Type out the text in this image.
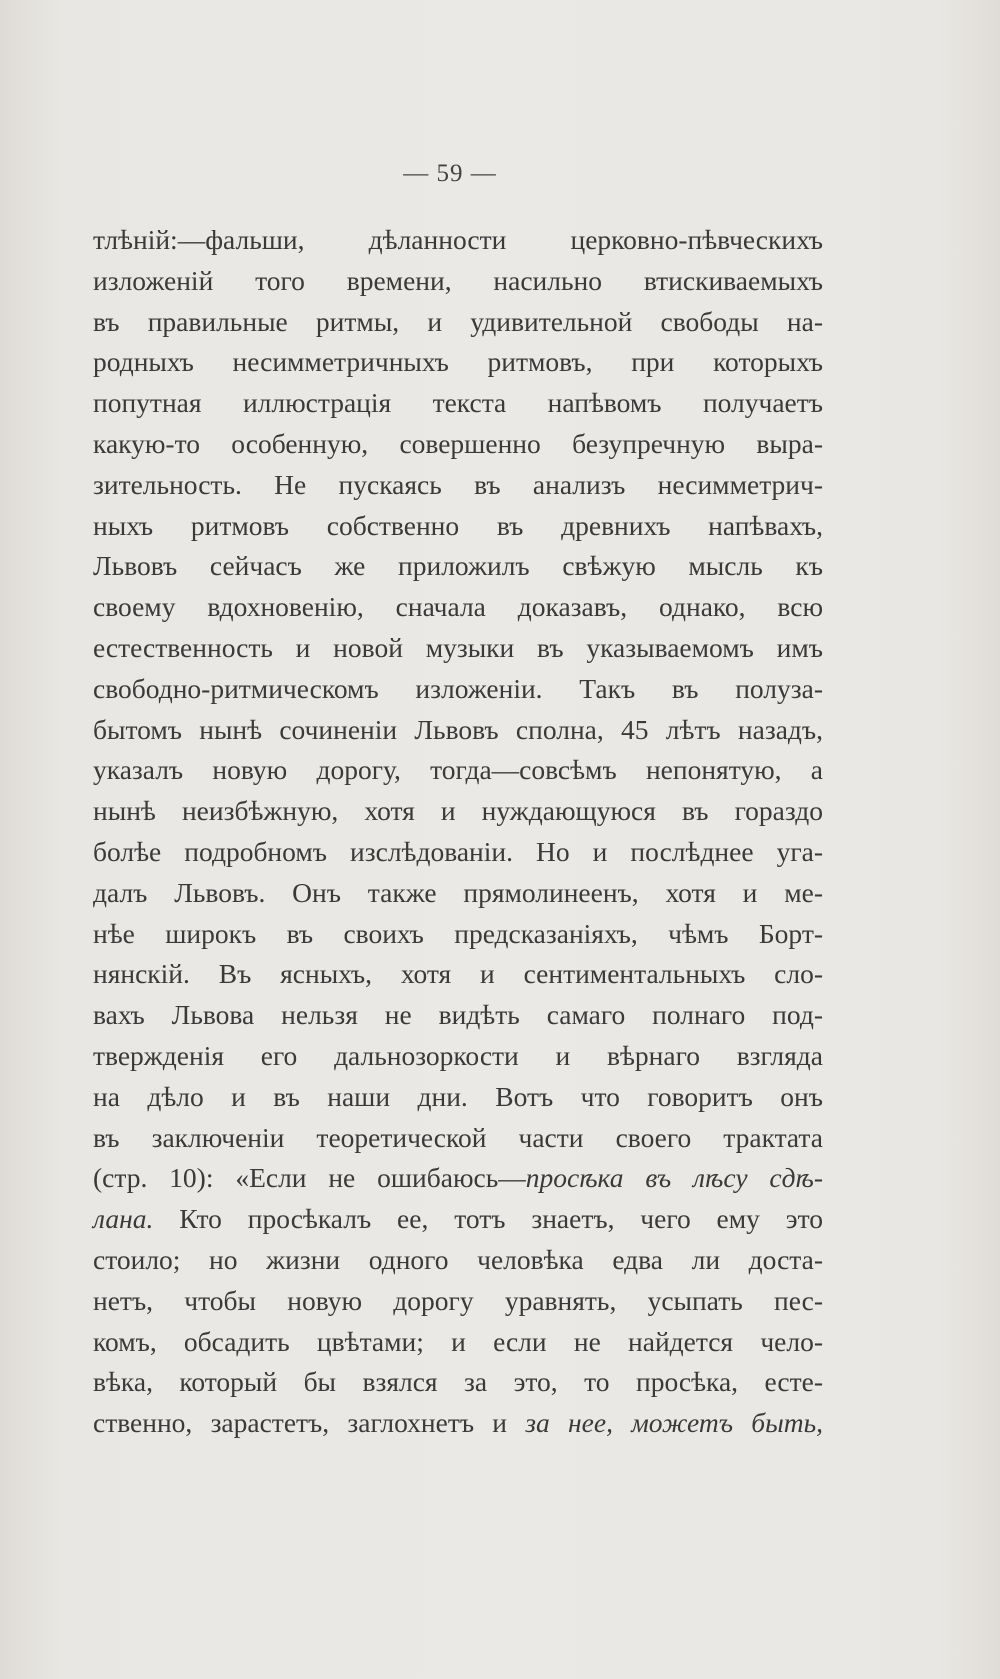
— 59 —
тлѣній:—фальши, дѣланности церковно-пѣвческихъ
изложеній того времени, насильно втискиваемыхъ
въ правильные ритмы, и удивительной свободы на-
родныхъ несимметричныхъ ритмовъ, при которыхъ
попутная иллюстрація текста напѣвомъ получаетъ
какую-то особенную, совершенно безупречную выра-
зительность. Не пускаясь въ анализъ несимметрич-
ныхъ ритмовъ собственно въ древнихъ напѣвахъ,
Львовъ сейчасъ же приложилъ свѣжую мысль къ
своему вдохновенію, сначала доказавъ, однако, всю
естественность и новой музыки въ указываемомъ имъ
свободно-ритмическомъ изложеніи. Такъ въ полуза-
бытомъ нынѣ сочиненіи Львовъ сполна, 45 лѣтъ назадъ,
указалъ новую дорогу, тогда—совсѣмъ непонятую, а
нынѣ неизбѣжную, хотя и нуждающуюся въ гораздо
болѣе подробномъ изслѣдованіи. Но и послѣднее уга-
далъ Львовъ. Онъ также прямолинеенъ, хотя и ме-
нѣе широкъ въ своихъ предсказаніяхъ, чѣмъ Борт-
нянскій. Въ ясныхъ, хотя и сентиментальныхъ сло-
вахъ Львова нельзя не видѣть самаго полнаго под-
твержденія его дальнозоркости и вѣрнаго взгляда
на дѣло и въ наши дни. Вотъ что говоритъ онъ
въ заключеніи теоретической части своего трактата
(стр. 10): «Если не ошибаюсь—просѣка въ лѣсу сдѣ-
лана. Кто просѣкалъ ее, тотъ знаетъ, чего ему это
стоило; но жизни одного человѣка едва ли доста-
нетъ, чтобы новую дорогу уравнять, усыпать пес-
комъ, обсадить цвѣтами; и если не найдется чело-
вѣка, который бы взялся за это, то просѣка, есте-
ственно, зарастетъ, заглохнетъ и за нее, можетъ быть,
